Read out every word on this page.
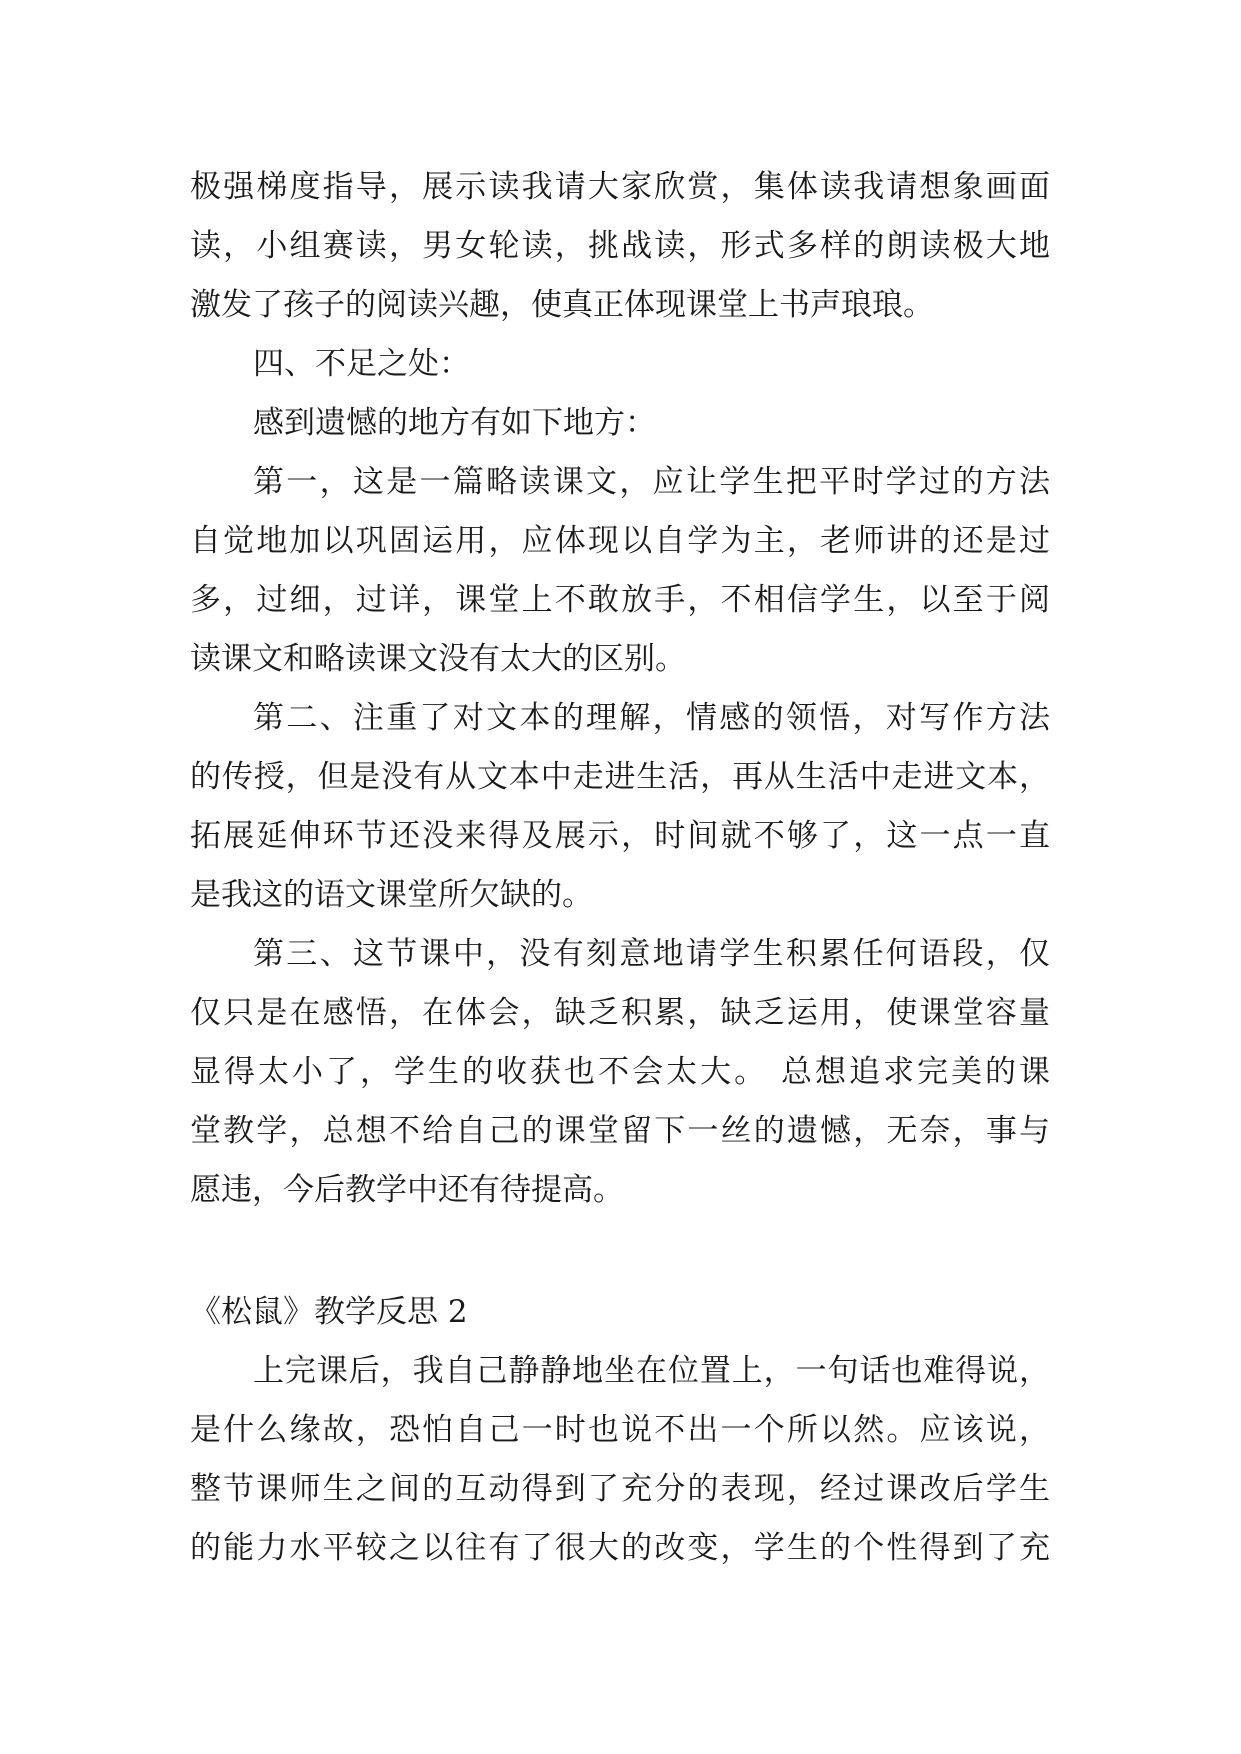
极强梯度指导，展示读我请大家欣赏，集体读我请想象画面
读，小组赛读，男女轮读，挑战读，形式多样的朗读极大地
激发了孩子的阅读兴趣，使真正体现课堂上书声琅琅。
四、不足之处：
感到遗憾的地方有如下地方：
第一，这是一篇略读课文，应让学生把平时学过的方法
自觉地加以巩固运用，应体现以自学为主，老师讲的还是过
多，过细，过详，课堂上不敢放手，不相信学生，以至于阅
读课文和略读课文没有太大的区别。
第二、注重了对文本的理解，情感的领悟，对写作方法
的传授，但是没有从文本中走进生活，再从生活中走进文本，
拓展延伸环节还没来得及展示，时间就不够了，这一点一直
是我这的语文课堂所欠缺的。
第三、这节课中，没有刻意地请学生积累任何语段，仅
仅只是在感悟，在体会，缺乏积累，缺乏运用，使课堂容量
显得太小了，学生的收获也不会太大。 总想追求完美的课
堂教学，总想不给自己的课堂留下一丝的遗憾，无奈，事与
愿违，今后教学中还有待提高。
《松鼠》教学反思 2
上完课后，我自己静静地坐在位置上，一句话也难得说，
是什么缘故，恐怕自己一时也说不出一个所以然。应该说，
整节课师生之间的互动得到了充分的表现，经过课改后学生
的能力水平较之以往有了很大的改变，学生的个性得到了充
